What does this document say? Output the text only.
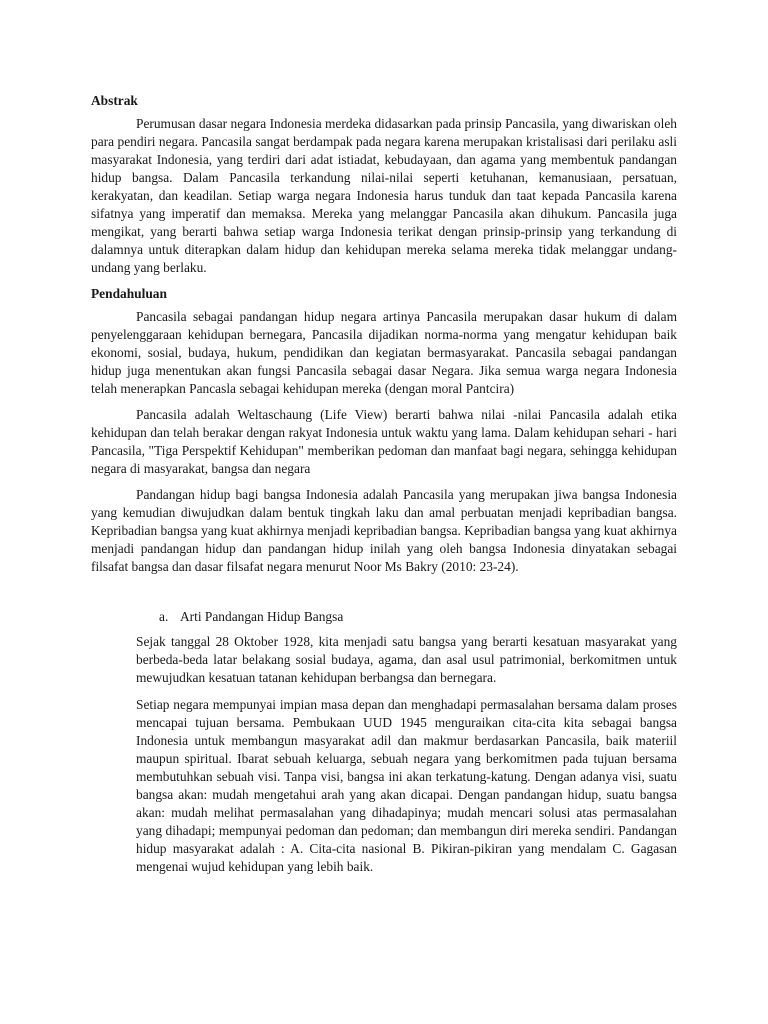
Abstrak

Perumusan dasar negara Indonesia merdeka didasarkan pada prinsip Pancasila, yang diwariskan oleh para pendiri negara. Pancasila sangat berdampak pada negara karena merupakan kristalisasi dari perilaku asli masyarakat Indonesia, yang terdiri dari adat istiadat, kebudayaan, dan agama yang membentuk pandangan hidup bangsa. Dalam Pancasila terkandung nilai-nilai seperti ketuhanan, kemanusiaan, persatuan, kerakyatan, dan keadilan. Setiap warga negara Indonesia harus tunduk dan taat kepada Pancasila karena sifatnya yang imperatif dan memaksa. Mereka yang melanggar Pancasila akan dihukum. Pancasila juga mengikat, yang berarti bahwa setiap warga Indonesia terikat dengan prinsip-prinsip yang terkandung di dalamnya untuk diterapkan dalam hidup dan kehidupan mereka selama mereka tidak melanggar undang-undang yang berlaku.

Pendahuluan

Pancasila sebagai pandangan hidup negara artinya Pancasila merupakan dasar hukum di dalam penyelenggaraan kehidupan bernegara, Pancasila dijadikan norma-norma yang mengatur kehidupan baik ekonomi, sosial, budaya, hukum, pendidikan dan kegiatan bermasyarakat. Pancasila sebagai pandangan hidup juga menentukan akan fungsi Pancasila sebagai dasar Negara. Jika semua warga negara Indonesia telah menerapkan Pancasla sebagai kehidupan mereka (dengan moral Pantcira)

Pancasila adalah Weltaschaung (Life View) berarti bahwa nilai -nilai Pancasila adalah etika kehidupan dan telah berakar dengan rakyat Indonesia untuk waktu yang lama. Dalam kehidupan sehari - hari Pancasila, "Tiga Perspektif Kehidupan" memberikan pedoman dan manfaat bagi negara, sehingga kehidupan negara di masyarakat, bangsa dan negara

Pandangan hidup bagi bangsa Indonesia adalah Pancasila yang merupakan jiwa bangsa Indonesia yang kemudian diwujudkan dalam bentuk tingkah laku dan amal perbuatan menjadi kepribadian bangsa. Kepribadian bangsa yang kuat akhirnya menjadi kepribadian bangsa. Kepribadian bangsa yang kuat akhirnya menjadi pandangan hidup dan pandangan hidup inilah yang oleh bangsa Indonesia dinyatakan sebagai filsafat bangsa dan dasar filsafat negara menurut Noor Ms Bakry (2010: 23-24).

a. Arti Pandangan Hidup Bangsa

Sejak tanggal 28 Oktober 1928, kita menjadi satu bangsa yang berarti kesatuan masyarakat yang berbeda-beda latar belakang sosial budaya, agama, dan asal usul patrimonial, berkomitmen untuk mewujudkan kesatuan tatanan kehidupan berbangsa dan bernegara.

Setiap negara mempunyai impian masa depan dan menghadapi permasalahan bersama dalam proses mencapai tujuan bersama. Pembukaan UUD 1945 menguraikan cita-cita kita sebagai bangsa Indonesia untuk membangun masyarakat adil dan makmur berdasarkan Pancasila, baik materiil maupun spiritual. Ibarat sebuah keluarga, sebuah negara yang berkomitmen pada tujuan bersama membutuhkan sebuah visi. Tanpa visi, bangsa ini akan terkatung-katung. Dengan adanya visi, suatu bangsa akan: mudah mengetahui arah yang akan dicapai. Dengan pandangan hidup, suatu bangsa akan: mudah melihat permasalahan yang dihadapinya; mudah mencari solusi atas permasalahan yang dihadapi; mempunyai pedoman dan pedoman; dan membangun diri mereka sendiri. Pandangan hidup masyarakat adalah : A. Cita-cita nasional B. Pikiran-pikiran yang mendalam C. Gagasan mengenai wujud kehidupan yang lebih baik.
